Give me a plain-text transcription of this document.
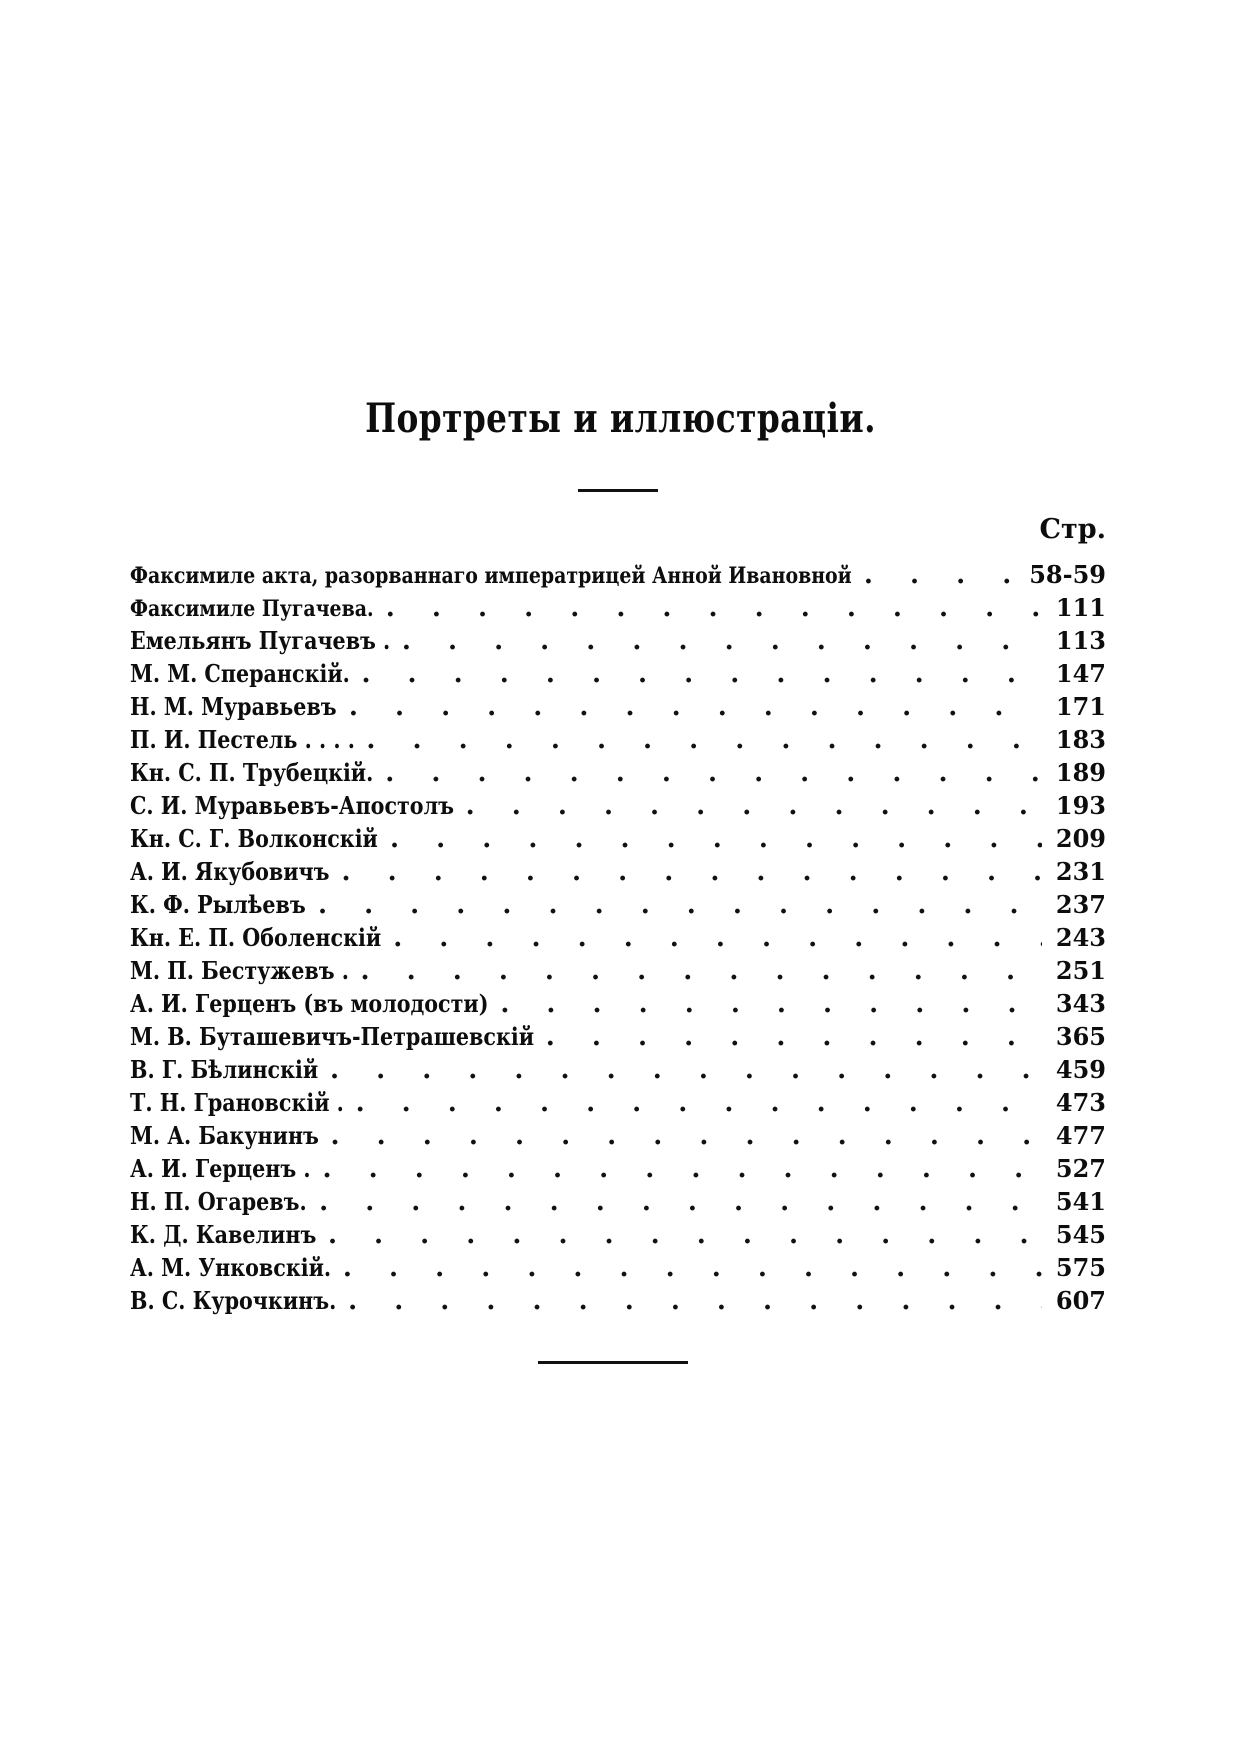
Портреты и иллюстрацiи.
Стр.
Факсимиле акта, разорваннаго императрицей Анной Ивановной . . .	58-59
Факсимиле Пугачева. . . .	111
Емельянъ Пугачевъ . . . .	113
М. М. Сперанскій. . . .	147
Н. М. Муравьевъ . . .	171
П. И. Пестель . . . . . . .	183
Кн. С. П. Трубецкій. . . .	189
С. И. Муравьевъ-Апостолъ . . .	193
Кн. С. Г. Волконскій . . .	209
А. И. Якубовичъ . . .	231
К. Ф. Рылѣевъ . . .	237
Кн. Е. П. Оболенскій . . .	243
М. П. Бестужевъ . . . .	251
А. И. Герценъ (въ молодости) . . .	343
М. В. Буташевичъ-Петрашевскій . . .	365
В. Г. Бѣлинскій . . .	459
Т. Н. Грановскій . . . .	473
М. А. Бакунинъ . . .	477
А. И. Герценъ . . . .	527
Н. П. Огаревъ. . . .	541
К. Д. Кавелинъ . . .	545
А. М. Унковскій. . . .	575
В. С. Курочкинъ. . . .	607
